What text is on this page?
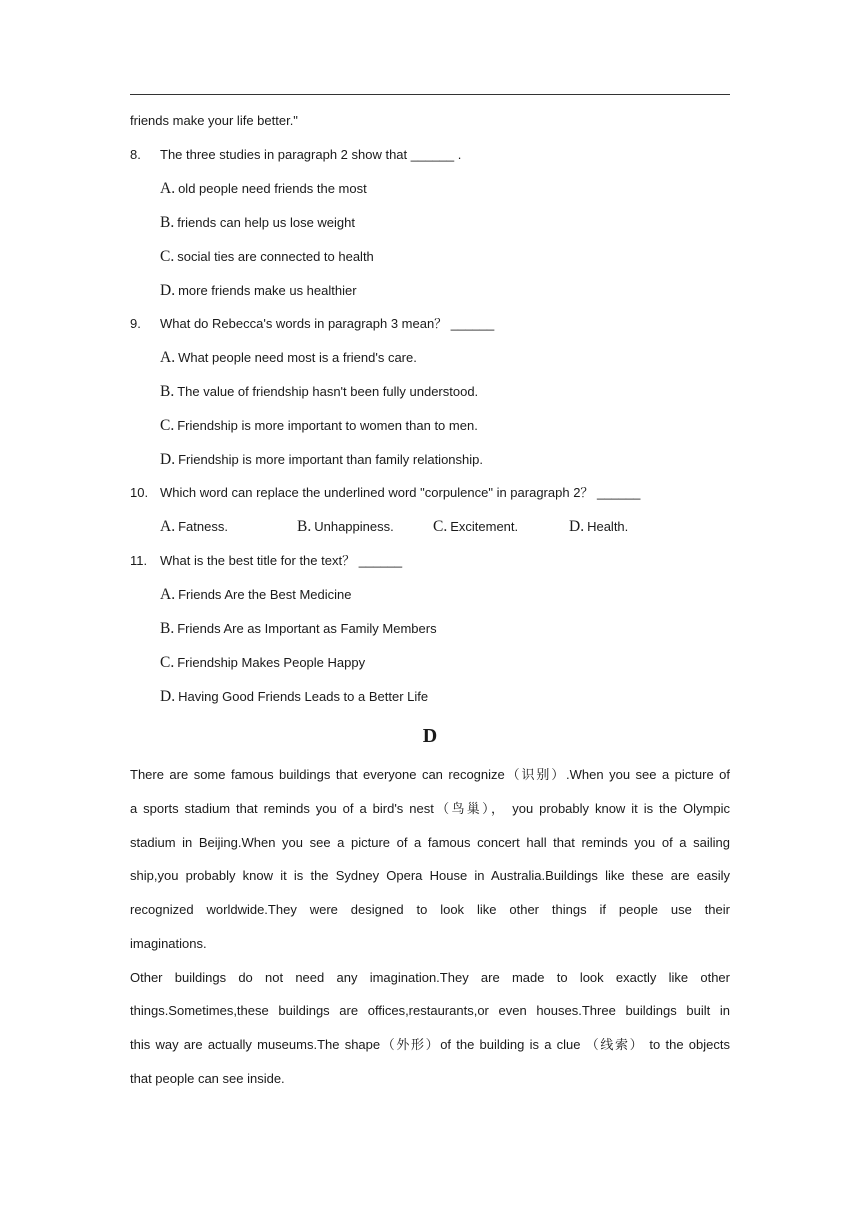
friends make your life better."
8. The three studies in paragraph 2 show that ______ .
A. old people need friends the most
B. friends can help us lose weight
C. social ties are connected to health
D. more friends make us healthier
9. What do Rebecca's words in paragraph 3 mean？ ______
A. What people need most is a friend's care.
B. The value of friendship hasn't been fully understood.
C. Friendship is more important to women than to men.
D. Friendship is more important than family relationship.
10. Which word can replace the underlined word "corpulence" in paragraph 2？ ______
A. Fatness.	B. Unhappiness.	C. Excitement.	D. Health.
11. What is the best title for the text？ ______
A. Friends Are the Best Medicine
B. Friends Are as Important as Family Members
C. Friendship Makes People Happy
D. Having Good Friends Leads to a Better Life
D
There are some famous buildings that everyone can recognize（识别）.When you see a picture of
a sports stadium that reminds you of a bird's nest（鸟巢）， you probably know it is the Olympic
stadium in Beijing.When you see a picture of a famous concert hall that reminds you of a sailing
ship,you probably know it is the Sydney Opera House in Australia.Buildings like these are easily
recognized worldwide.They were designed to look like other things if people use their
imaginations.
Other buildings do not need any imagination.They are made to look exactly like other
things.Sometimes,these buildings are offices,restaurants,or even houses.Three buildings built in
this way are actually museums.The shape（外形）of the building is a clue （线索） to the objects
that people can see inside.
